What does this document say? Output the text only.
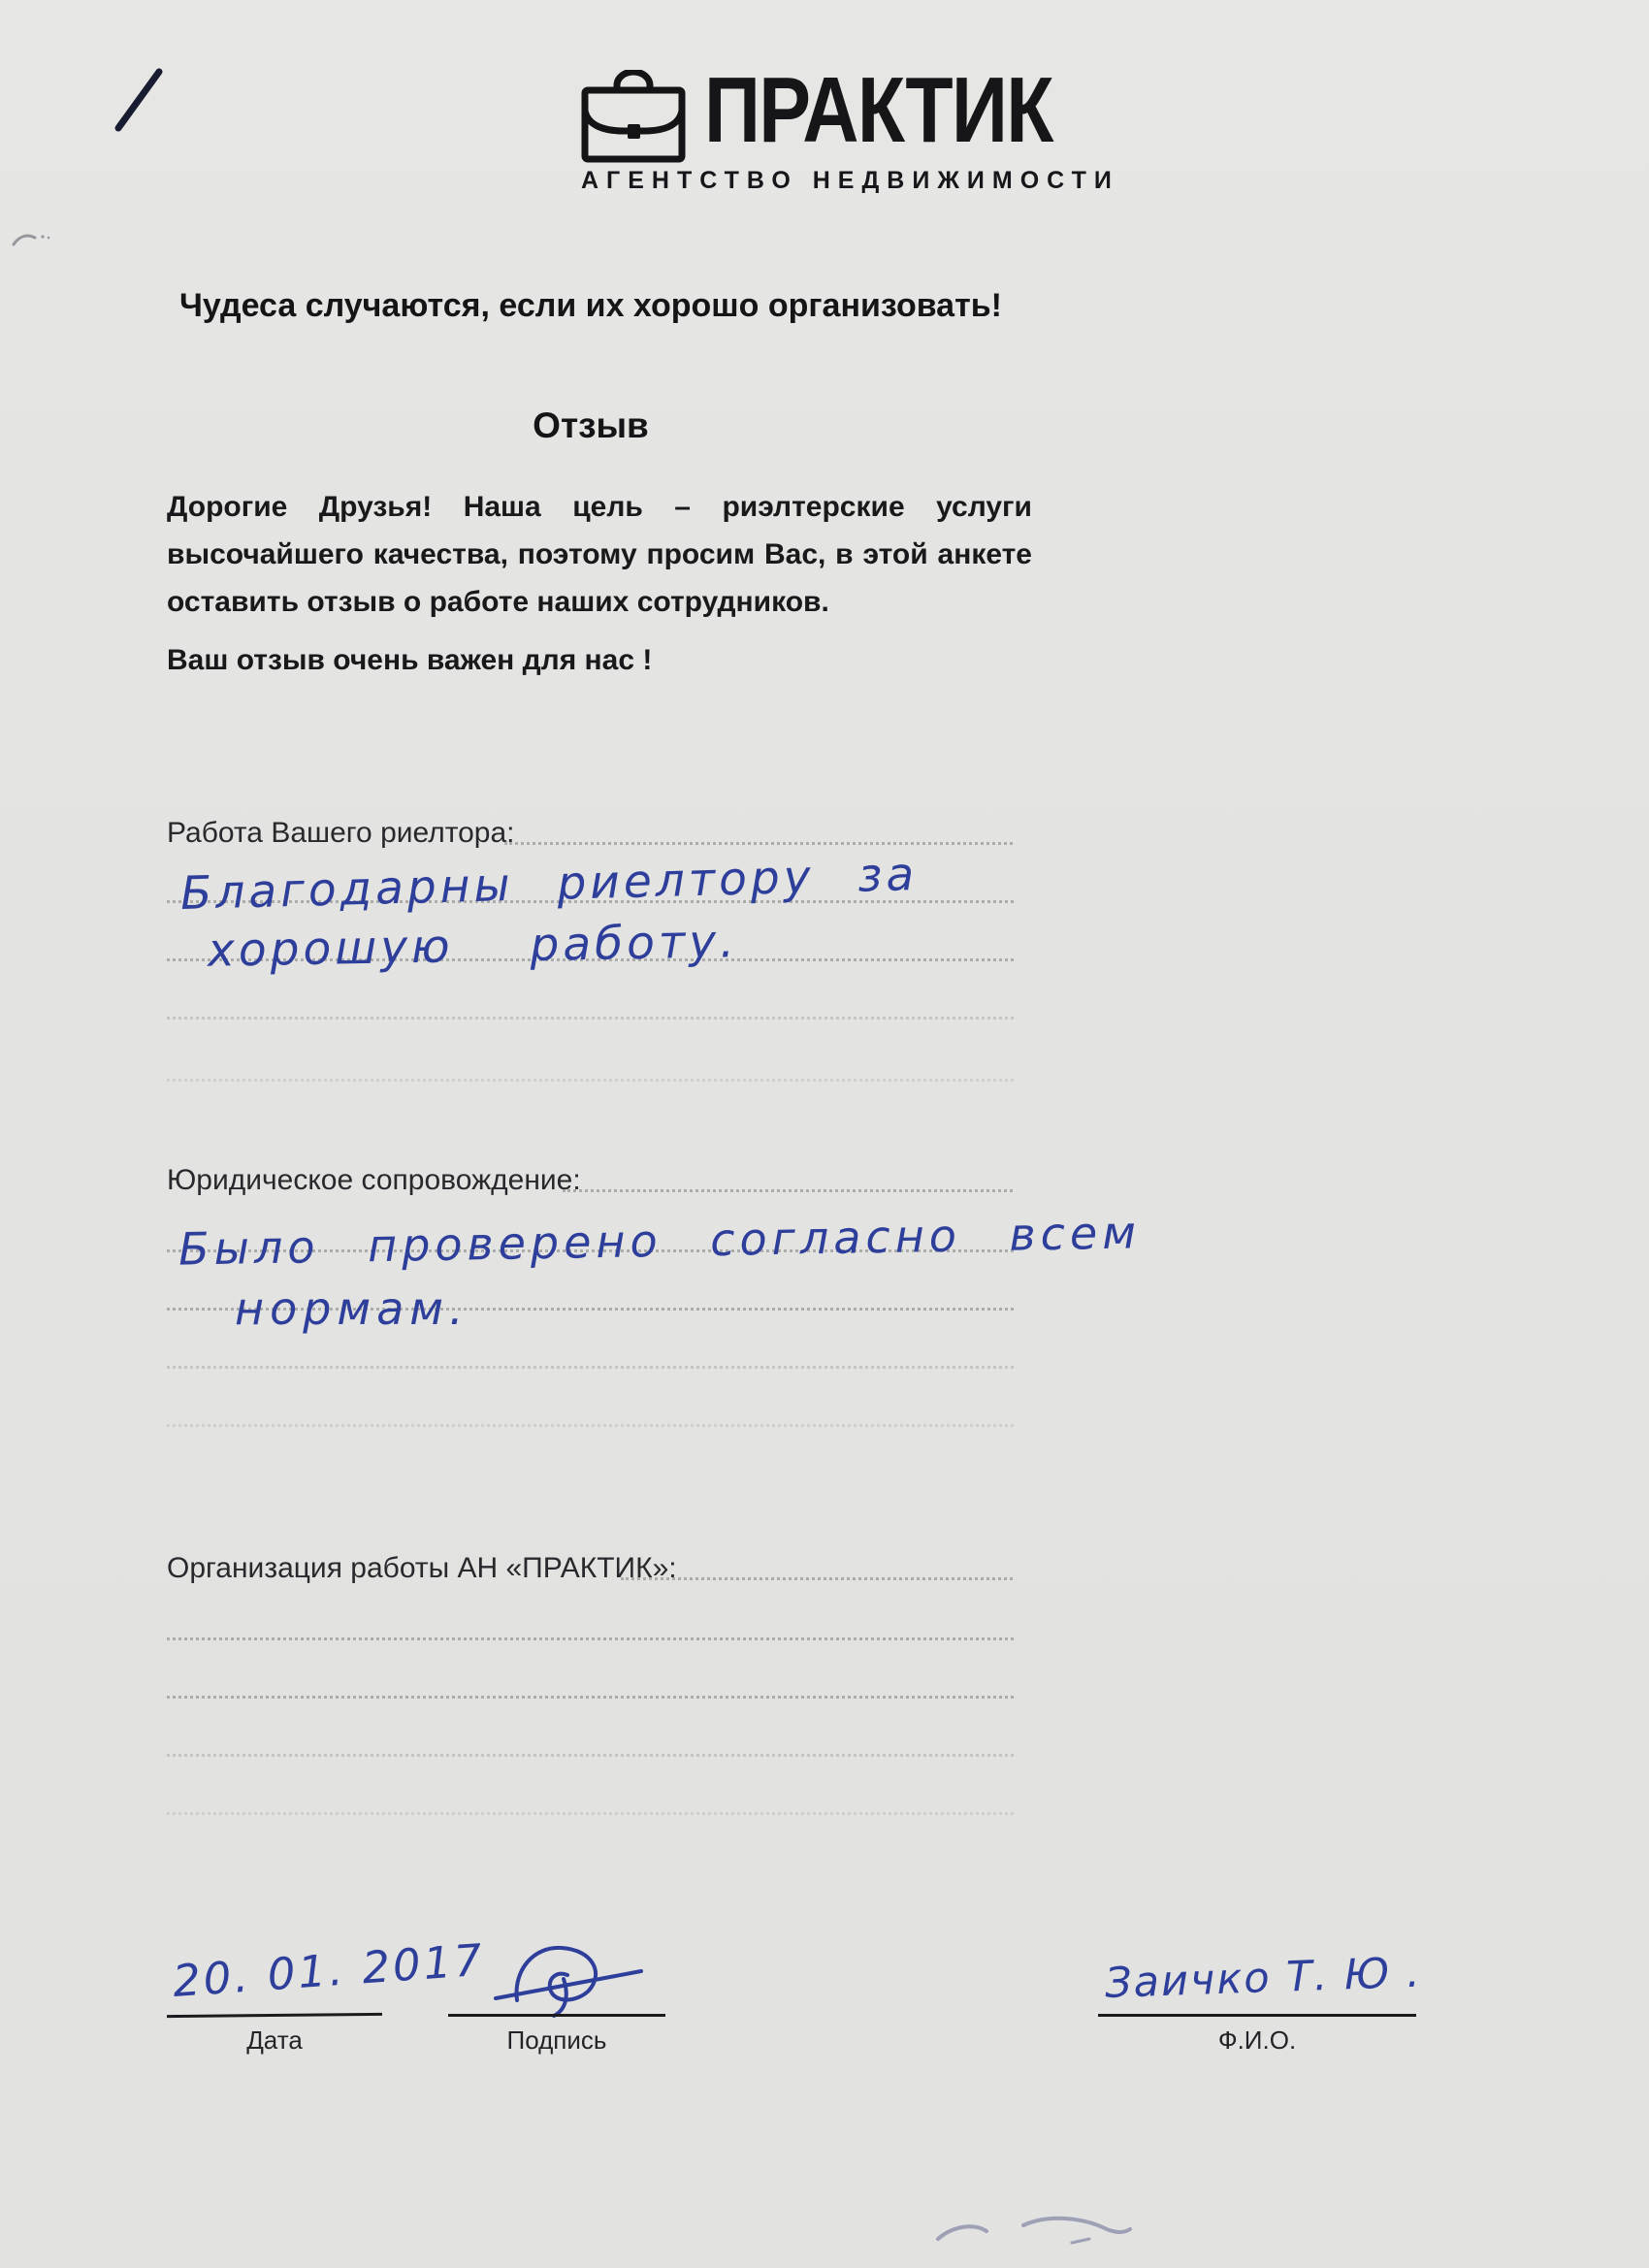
ПРАКТИК
АГЕНТСТВО НЕДВИЖИМОСТИ
Чудеса случаются, если их хорошо организовать!
Отзыв
Дорогие Друзья! Наша цель – риэлтерские услуги высочайшего качества, поэтому просим Вас, в этой анкете оставить отзыв о работе наших сотрудников.
Ваш отзыв очень важен для нас !
Работа Вашего риелтора:
Благодарны риелтору за
хорошую работу.
Юридическое сопровождение:
Было проверено согласно всем
нормам.
Организация работы АН «ПРАКТИК»:
20. 01. 2017
Дата	Подпись
Заичко Т. Ю .
Ф.И.О.
